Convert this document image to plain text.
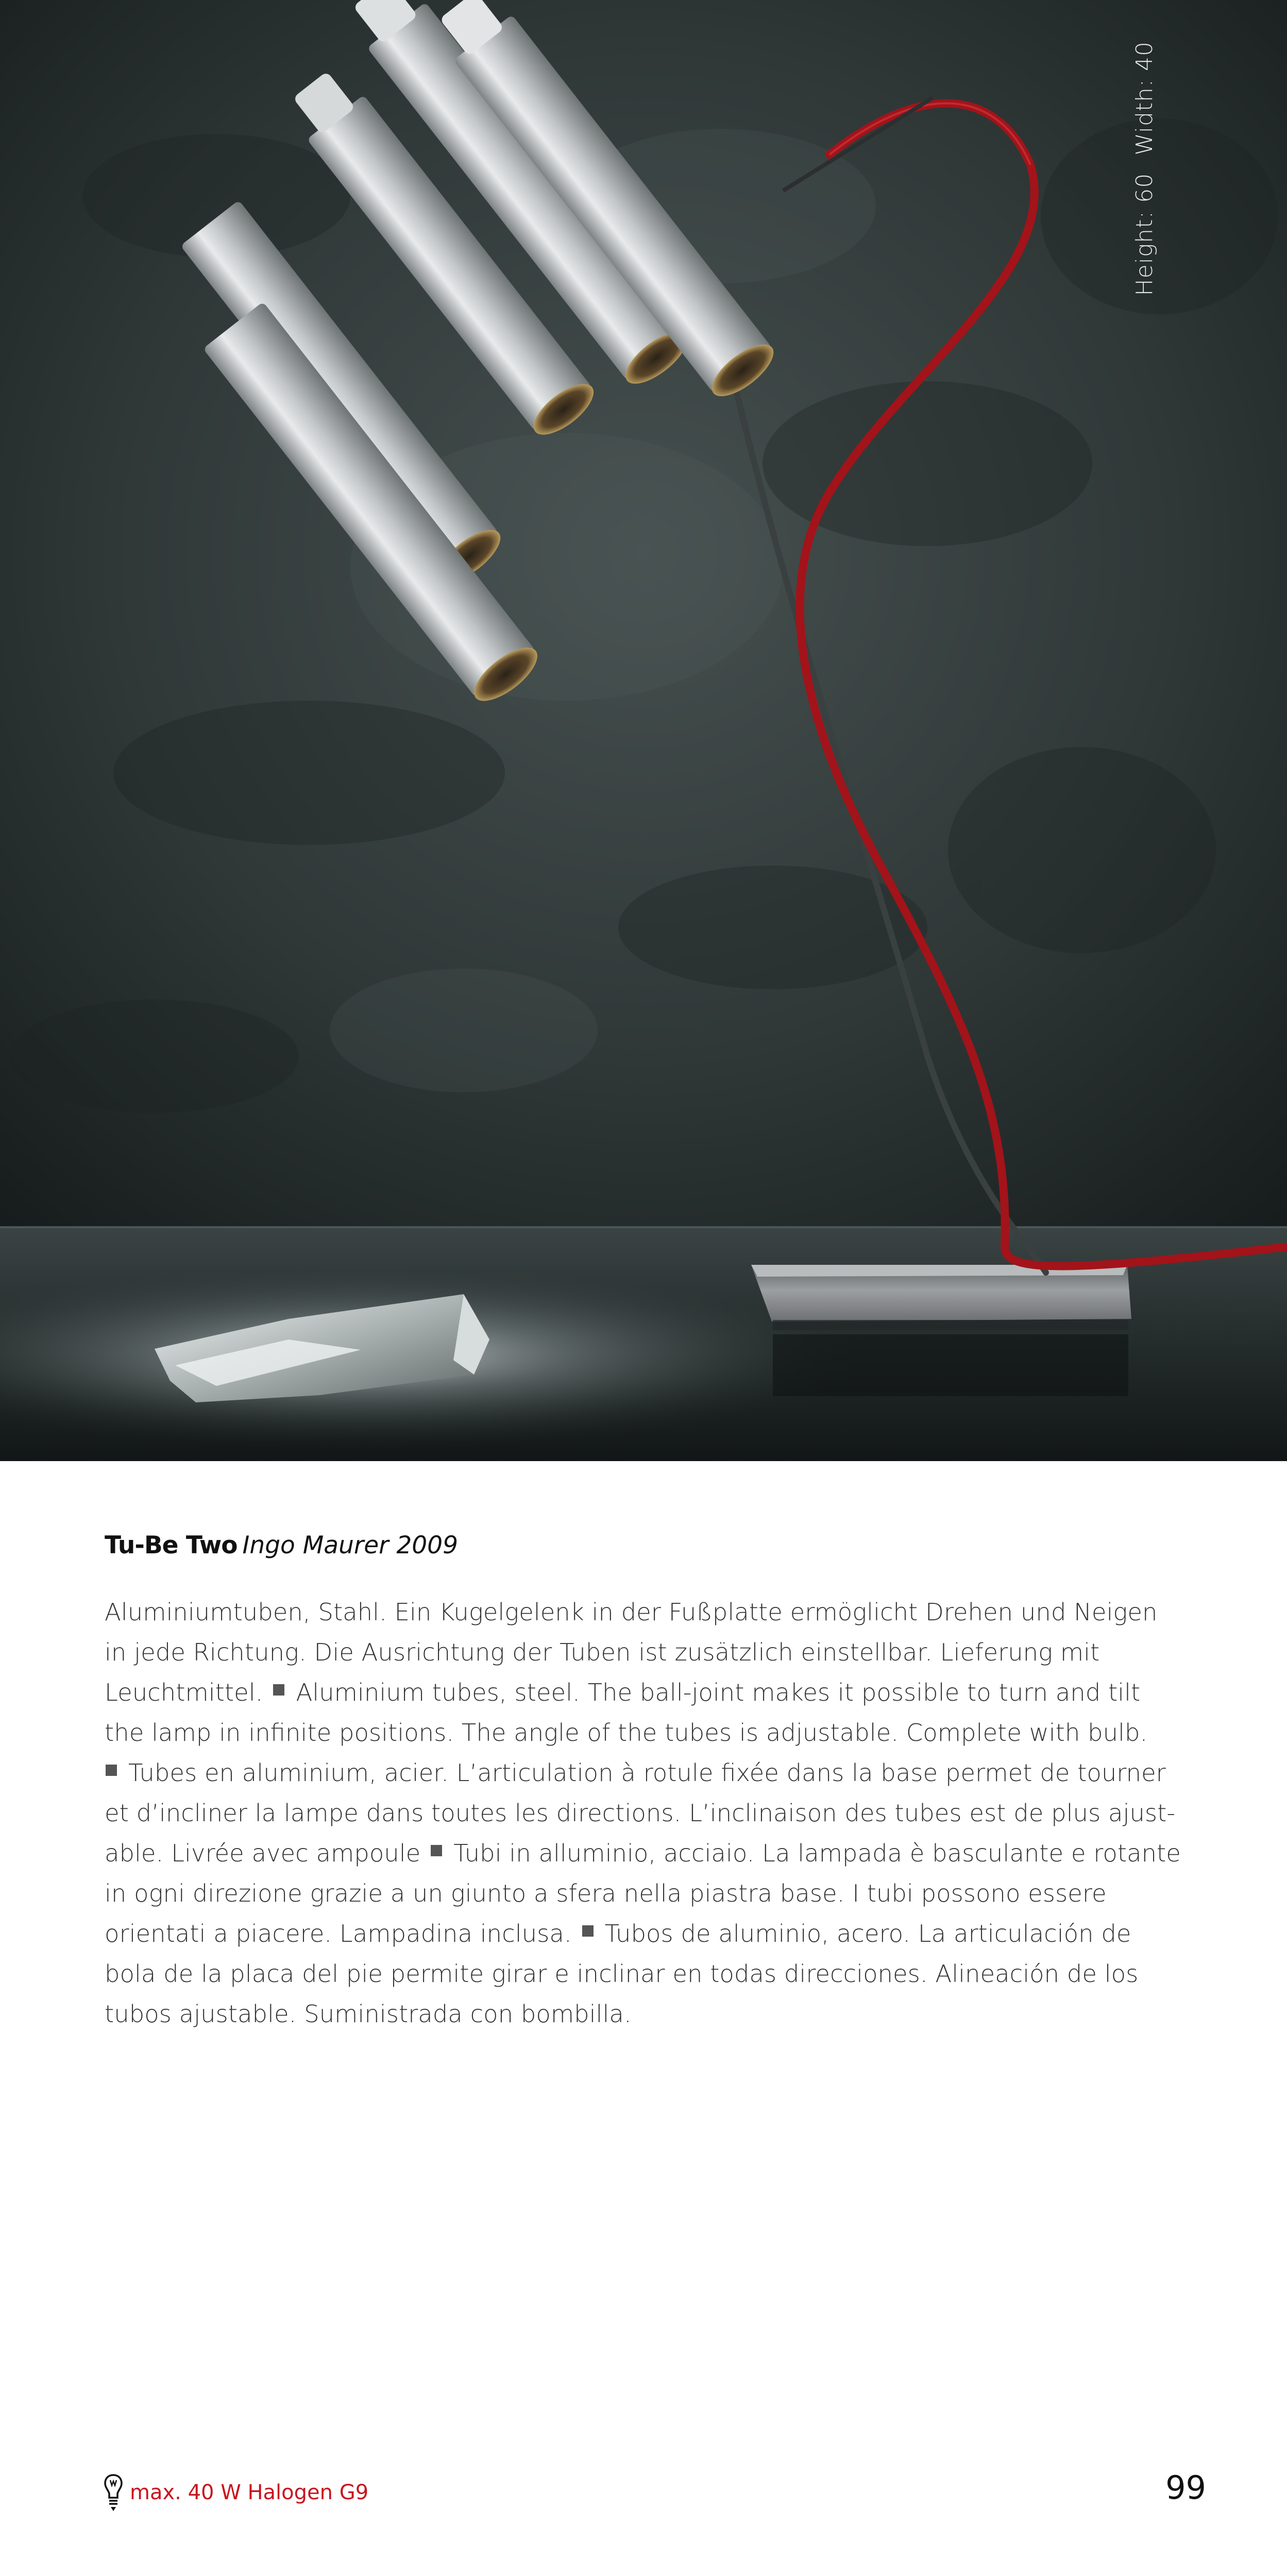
Height: 60Width: 40
Tu-Be Two Ingo Maurer 2009
Aluminiumtuben, Stahl. Ein Kugelgelenk in der Fußplatte ermöglicht Drehen und Neigen
in jede Richtung. Die Ausrichtung der Tuben ist zusätzlich einstellbar. Lieferung mit
Leuchtmittel. Aluminium tubes, steel. The ball-joint makes it possible to turn and tilt
the lamp in infinite positions. The angle of the tubes is adjustable. Complete with bulb.
Tubes en aluminium, acier. L’articulation à rotule fixée dans la base permet de tourner
et d’incliner la lampe dans toutes les directions. L’inclinaison des tubes est de plus ajust-
able. Livrée avec ampoule Tubi in alluminio, acciaio. La lampada è basculante e rotante
in ogni direzione grazie a un giunto a sfera nella piastra base. I tubi possono essere
orientati a piacere. Lampadina inclusa. Tubos de aluminio, acero. La articulación de
bola de la placa del pie permite girar e inclinar en todas direcciones. Alineación de los
tubos ajustable. Suministrada con bombilla.
max. 40 W Halogen G9	99
